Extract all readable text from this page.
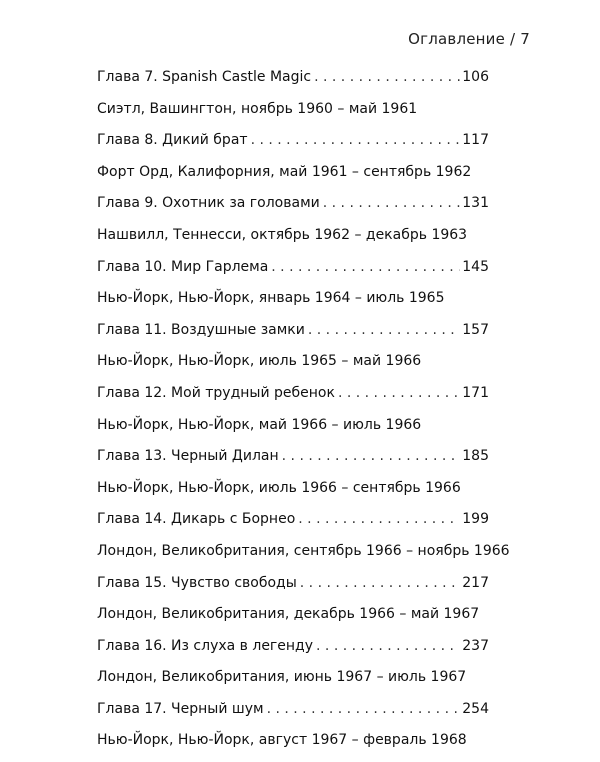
Оглавление / 7
Глава 7. Spanish Castle Magic . . .	106
Сиэтл, Вашингтон, ноябрь 1960 – май 1961
Глава 8. Дикий брат . . .	117
Форт Орд, Калифорния, май 1961 – сентябрь 1962
Глава 9. Охотник за головами . . .	131
Нашвилл, Теннесси, октябрь 1962 – декабрь 1963
Глава 10. Мир Гарлема . . .	145
Нью-Йорк, Нью-Йорк, январь 1964 – июль 1965
Глава 11. Воздушные замки . . .	157
Нью-Йорк, Нью-Йорк, июль 1965 – май 1966
Глава 12. Мой трудный ребенок . . .	171
Нью-Йорк, Нью-Йорк, май 1966 – июль 1966
Глава 13. Черный Дилан . . .	185
Нью-Йорк, Нью-Йорк, июль 1966 – сентябрь 1966
Глава 14. Дикарь с Борнео . . .	199
Лондон, Великобритания, сентябрь 1966 – ноябрь 1966
Глава 15. Чувство свободы . . .	217
Лондон, Великобритания, декабрь 1966 – май 1967
Глава 16. Из слуха в легенду . . .	237
Лондон, Великобритания, июнь 1967 – июль 1967
Глава 17. Черный шум . . .	254
Нью-Йорк, Нью-Йорк, август 1967 – февраль 1968
